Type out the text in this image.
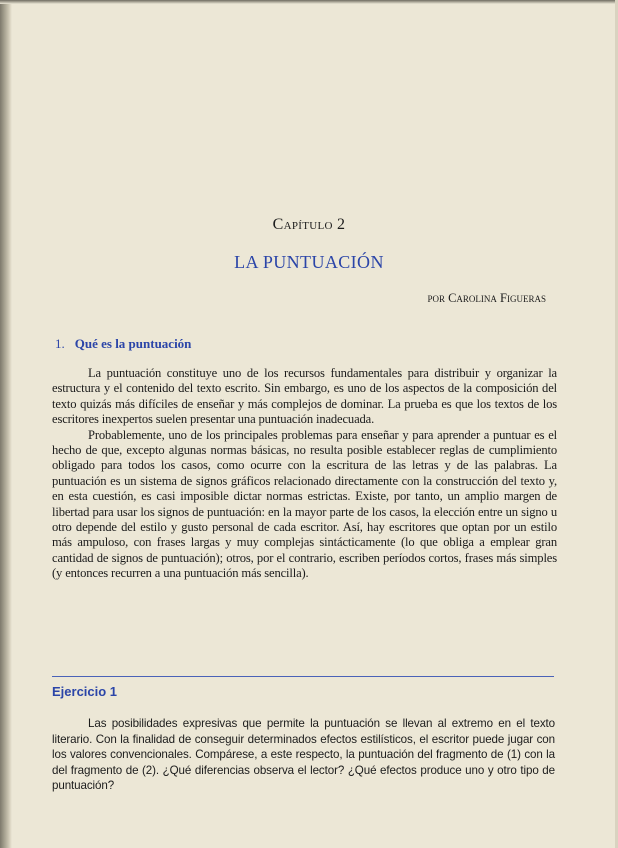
Capítulo 2
LA PUNTUACIÓN
por Carolina Figueras
1. Qué es la puntuación

La puntuación constituye uno de los recursos fundamentales para distribuir y organizar la estructura y el contenido del texto escrito. Sin embargo, es uno de los aspectos de la composición del texto quizás más difíciles de enseñar y más complejos de dominar. La prueba es que los textos de los escritores inexpertos suelen presentar una puntuación inadecuada.

Probablemente, uno de los principales problemas para enseñar y para aprender a puntuar es el hecho de que, excepto algunas normas básicas, no resulta posible establecer reglas de cumplimiento obligado para todos los casos, como ocurre con la escritura de las letras y de las palabras. La puntuación es un sistema de signos gráficos relacionado directamente con la construcción del texto y, en esta cuestión, es casi imposible dictar normas estrictas. Existe, por tanto, un amplio margen de libertad para usar los signos de puntuación: en la mayor parte de los casos, la elección entre un signo u otro depende del estilo y gusto personal de cada escritor. Así, hay escritores que optan por un estilo más ampuloso, con frases largas y muy complejas sintácticamente (lo que obliga a emplear gran cantidad de signos de puntuación); otros, por el contrario, escriben períodos cortos, frases más simples (y entonces recurren a una puntuación más sencilla).

Ejercicio 1

Las posibilidades expresivas que permite la puntuación se llevan al extremo en el texto literario. Con la finalidad de conseguir determinados efectos estilísticos, el escritor puede jugar con los valores convencionales. Compárese, a este respecto, la puntuación del fragmento de (1) con la del fragmento de (2). ¿Qué diferencias observa el lector? ¿Qué efectos produce uno y otro tipo de puntuación?
